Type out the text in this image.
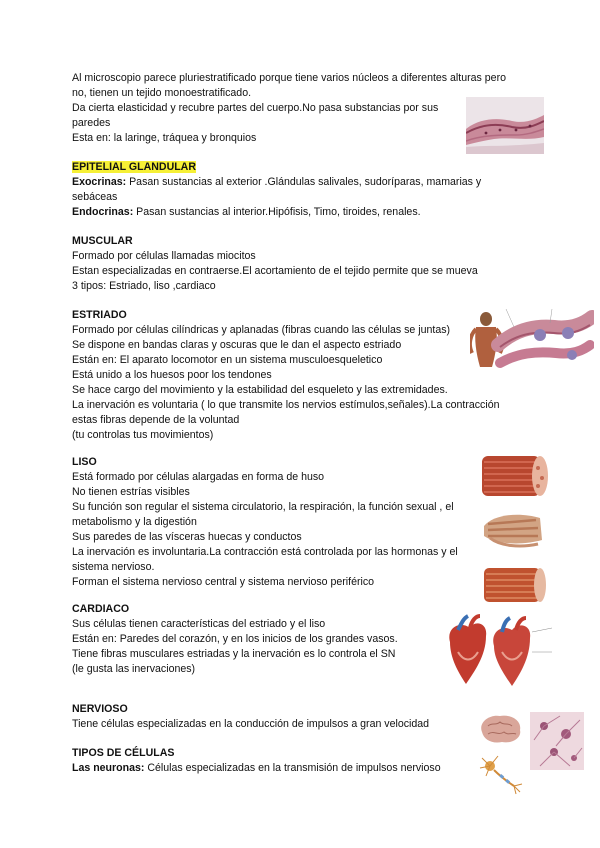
Al microscopio parece pluriestratificado porque tiene varios núcleos a diferentes alturas pero
no, tienen un tejido monoestratificado.
Da cierta elasticidad y recubre partes del cuerpo.No pasa substancias por sus
paredes
Esta en: la laringe, tráquea y bronquios
EPITELIAL GLANDULAR
Exocrinas: Pasan sustancias al exterior .Glándulas salivales, sudoríparas, mamarias y
sebáceas
Endocrinas: Pasan sustancias al interior.Hipófisis, Timo, tiroides, renales.
MUSCULAR
Formado por células llamadas miocitos
Estan especializadas en contraerse.El acortamiento de el tejido permite que se mueva
3 tipos: Estriado, liso ,cardiaco
ESTRIADO
Formado por células cilíndricas y aplanadas (fibras cuando las células se juntas)
Se dispone en bandas claras y oscuras que le dan el aspecto estriado
Están en: El aparato locomotor en un sistema musculoesqueletico
Está unido a los huesos poor los tendones
Se hace cargo del movimiento y la estabilidad del esqueleto y las extremidades.
La inervación es voluntaria ( lo que transmite los nervios estímulos,señales).La contracción
estas fibras depende de la voluntad
(tu controlas tus movimientos)
LISO
Está formado por células alargadas en forma de huso
No tienen estrías visibles
Su función son regular el sistema circulatorio, la respiración, la función sexual , el
metabolismo y la digestión
Sus paredes de las vísceras huecas y conductos
La inervación es involuntaria.La contracción está controlada por las hormonas y el
sistema nervioso.
Forman el sistema nervioso central y sistema nervioso periférico
CARDIACO
Sus células tienen características del estriado y el liso
Están en: Paredes del corazón, y en los inicios de los grandes vasos.
Tiene fibras musculares estriadas y la inervación es lo controla el SN
(le gusta las inervaciones)
NERVIOSO
Tiene células especializadas en la conducción de impulsos a gran velocidad
TIPOS DE CÉLULAS
Las neuronas: Células especializadas en la transmisión de impulsos nervioso
